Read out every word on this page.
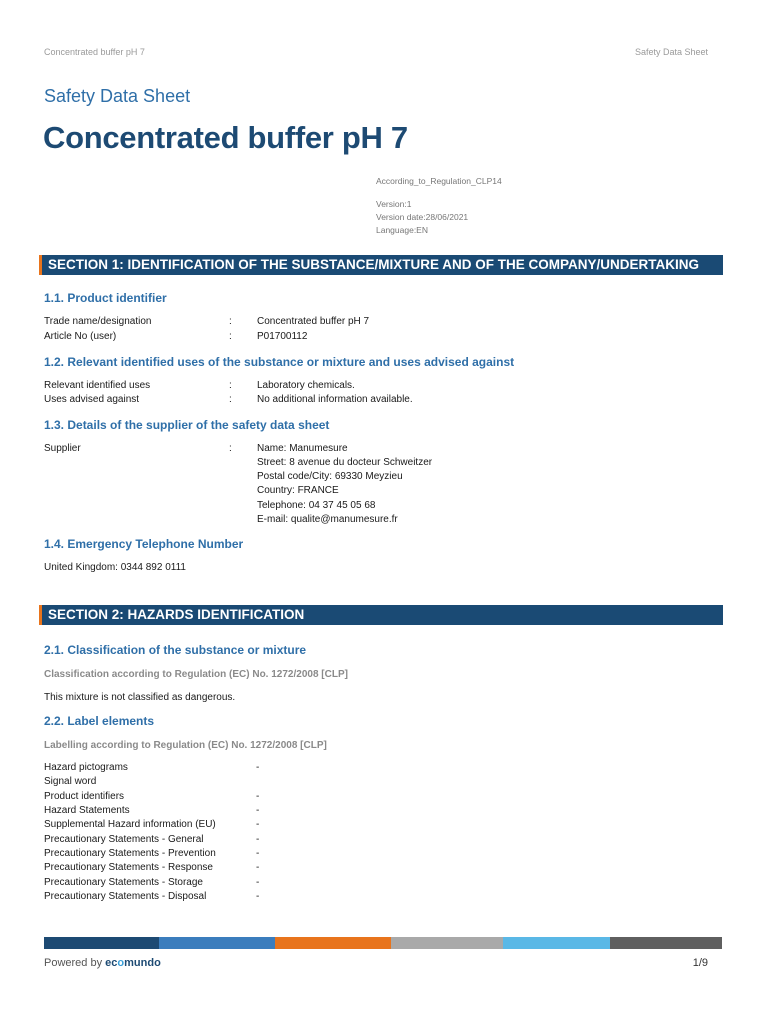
Concentrated buffer pH 7	Safety Data Sheet
Safety Data Sheet
Concentrated buffer pH 7
According_to_Regulation_CLP14
Version:1
Version date:28/06/2021
Language:EN
SECTION 1: IDENTIFICATION OF THE SUBSTANCE/MIXTURE AND OF THE COMPANY/UNDERTAKING
1.1. Product identifier
Trade name/designation	:	Concentrated buffer pH 7
Article No (user)	:	P01700112
1.2. Relevant identified uses of the substance or mixture and uses advised against
Relevant identified uses	:	Laboratory chemicals.
Uses advised against	:	No additional information available.
1.3. Details of the supplier of the safety data sheet
Supplier	:	Name: Manumesure
Street: 8 avenue du docteur Schweitzer
Postal code/City: 69330 Meyzieu
Country: FRANCE
Telephone: 04 37 45 05 68
E-mail: qualite@manumesure.fr
1.4. Emergency Telephone Number
United Kingdom: 0344 892 0111
SECTION 2: HAZARDS IDENTIFICATION
2.1. Classification of the substance or mixture
Classification according to Regulation (EC) No. 1272/2008 [CLP]
This mixture is not classified as dangerous.
2.2. Label elements
Labelling according to Regulation (EC) No. 1272/2008 [CLP]
Hazard pictograms	-
Signal word
Product identifiers	-
Hazard Statements	-
Supplemental Hazard information (EU)	-
Precautionary Statements - General	-
Precautionary Statements - Prevention	-
Precautionary Statements - Response	-
Precautionary Statements - Storage	-
Precautionary Statements - Disposal	-
Powered by ecomundo	1/9
